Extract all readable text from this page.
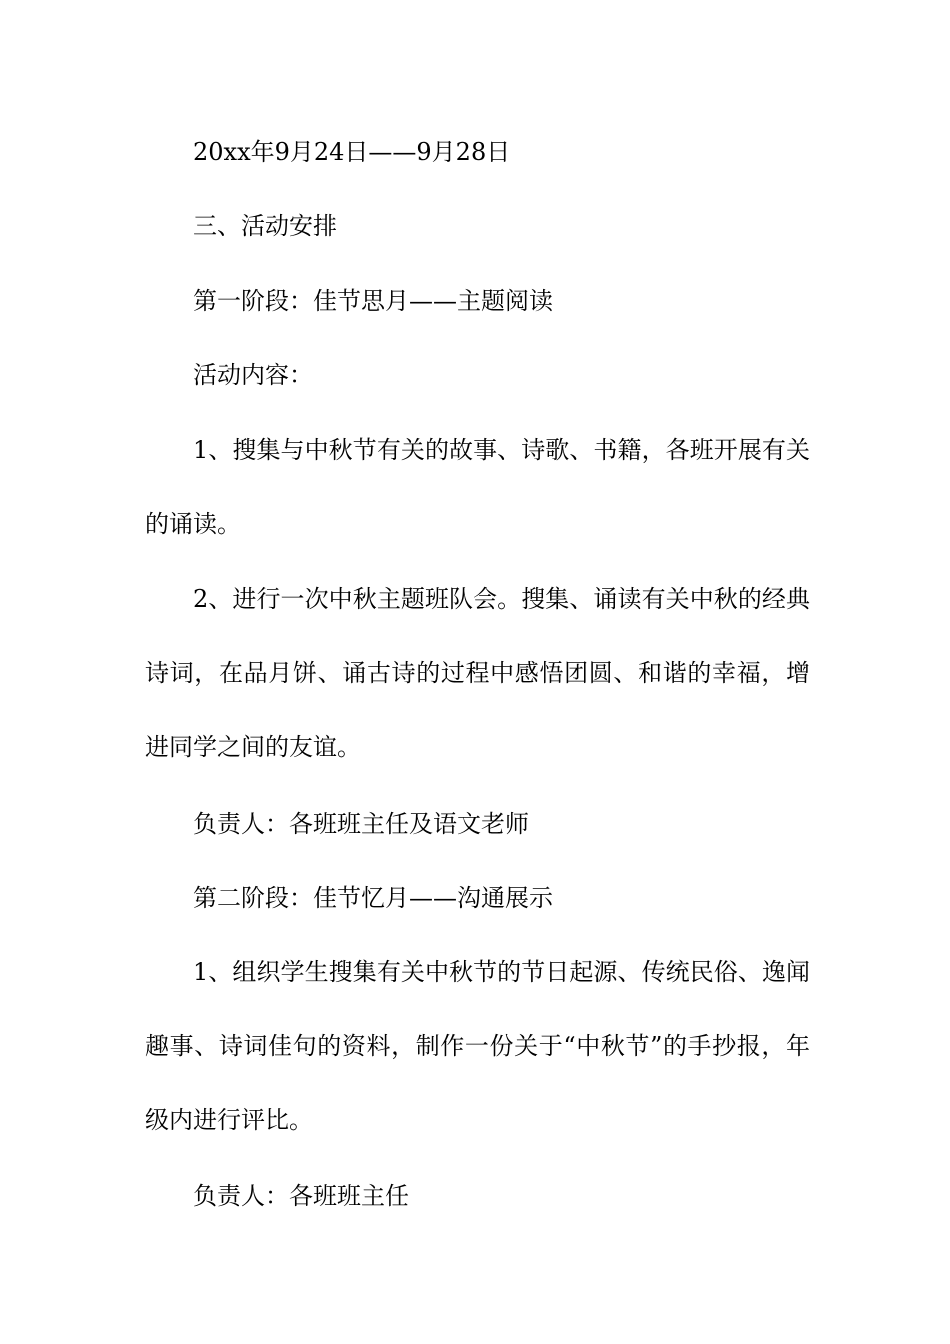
20xx年9月24日——9月28日

三、活动安排

第一阶段：佳节思月——主题阅读

活动内容：

1、搜集与中秋节有关的故事、诗歌、书籍，各班开展有关的诵读。

2、进行一次中秋主题班队会。搜集、诵读有关中秋的经典诗词，在品月饼、诵古诗的过程中感悟团圆、和谐的幸福，增进同学之间的友谊。

负责人：各班班主任及语文老师

第二阶段：佳节忆月——沟通展示

1、组织学生搜集有关中秋节的节日起源、传统民俗、逸闻趣事、诗词佳句的资料，制作一份关于“中秋节”的手抄报，年级内进行评比。

负责人：各班班主任
